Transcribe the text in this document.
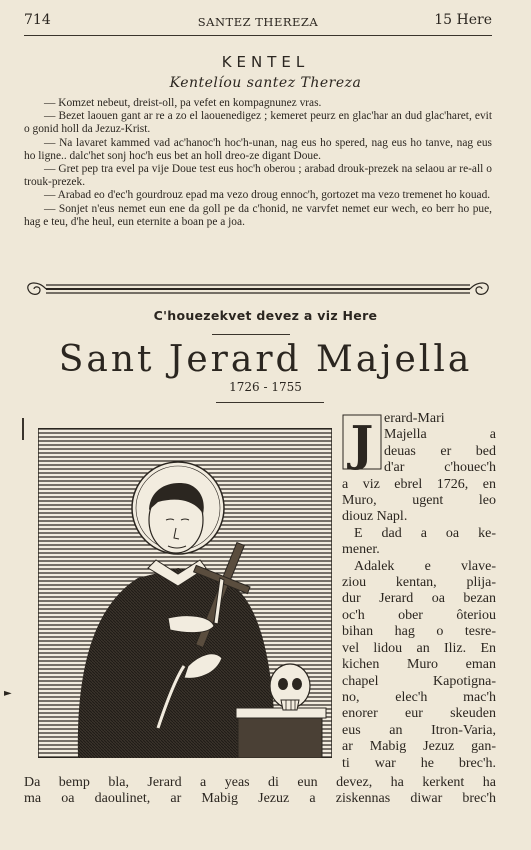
714	SANTEZ THEREZA	15 Here
KENTEL
Kentelíou santez Thereza

— Komzet nebeut, dreist-oll, pa vefet en kompagnunez vras.

— Bezet laouen gant ar re a zo el laouenedigez ; kemeret peurz en glac'har an dud glac'haret, evit o gonid holl da Jezuz-Krist.

— Na lavaret kammed vad ac'hanoc'h hoc'h-unan, nag eus ho spered, nag eus ho tanve, nag eus ho ligne.. dalc'het sonj hoc'h eus bet an holl dreo-ze digant Doue.

— Gret pep tra evel pa vije Doue test eus hoc'h oberou ; arabad drouk-prezek na selaou ar re-all o trouk-prezek.

— Arabad eo d'ec'h gourdrouz epad ma vezo droug ennoc'h, gortozet ma vezo tremenet ho kouad.

— Sonjet n'eus nemet eun ene da goll pe da c'honid, ne varvfet nemet eur wech, eo berr ho pue, hag e teu, d'he heul, eun eternite a boan pe a joa.

C'houezekvet devez a viz Here
Sant Jerard Majella
1726 - 1755
J erard-Mari
Majella a
deuas er bed
d'ar c'houec'h
a viz ebrel 1726, en
Muro, ugent leo
diouz Napl.
E dad a oa ke-
mener.
Adalek e vlave-
ziou kentan, plija-
dur Jerard oa bezan
oc'h ober ôteriou
bihan hag o tesre-
vel lidou an Iliz. En
kichen Muro eman
chapel Kapotigna-
no, elec'h mac'h
enorer eur skeuden
eus an Itron-Varia,
ar Mabig Jezuz gan-
ti war he brec'h.
Da bemp bla, Jerard a yeas di eun devez, ha kerkent ha
ma oa daoulinet, ar Mabig Jezuz a ziskennas diwar brec'h
►
